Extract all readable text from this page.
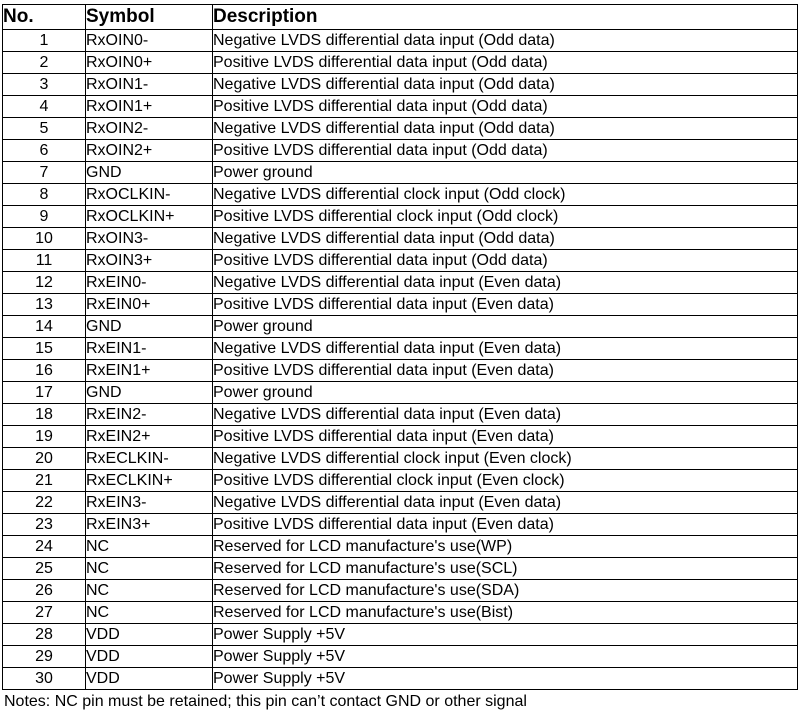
No.	Symbol	Description
1	RxOIN0-	Negative LVDS differential data input (Odd data)
2	RxOIN0+	Positive LVDS differential data input (Odd data)
3	RxOIN1-	Negative LVDS differential data input (Odd data)
4	RxOIN1+	Positive LVDS differential data input (Odd data)
5	RxOIN2-	Negative LVDS differential data input (Odd data)
6	RxOIN2+	Positive LVDS differential data input (Odd data)
7	GND	Power ground
8	RxOCLKIN-	Negative LVDS differential clock input (Odd clock)
9	RxOCLKIN+	Positive LVDS differential clock input (Odd clock)
10	RxOIN3-	Negative LVDS differential data input (Odd data)
11	RxOIN3+	Positive LVDS differential data input (Odd data)
12	RxEIN0-	Negative LVDS differential data input (Even data)
13	RxEIN0+	Positive LVDS differential data input (Even data)
14	GND	Power ground
15	RxEIN1-	Negative LVDS differential data input (Even data)
16	RxEIN1+	Positive LVDS differential data input (Even data)
17	GND	Power ground
18	RxEIN2-	Negative LVDS differential data input (Even data)
19	RxEIN2+	Positive LVDS differential data input (Even data)
20	RxECLKIN-	Negative LVDS differential clock input (Even clock)
21	RxECLKIN+	Positive LVDS differential clock input (Even clock)
22	RxEIN3-	Negative LVDS differential data input (Even data)
23	RxEIN3+	Positive LVDS differential data input (Even data)
24	NC	Reserved for LCD manufacture's use(WP)
25	NC	Reserved for LCD manufacture's use(SCL)
26	NC	Reserved for LCD manufacture's use(SDA)
27	NC	Reserved for LCD manufacture's use(Bist)
28	VDD	Power Supply +5V
29	VDD	Power Supply +5V
30	VDD	Power Supply +5V
Notes: NC pin must be retained; this pin can’t contact GND or other signal
